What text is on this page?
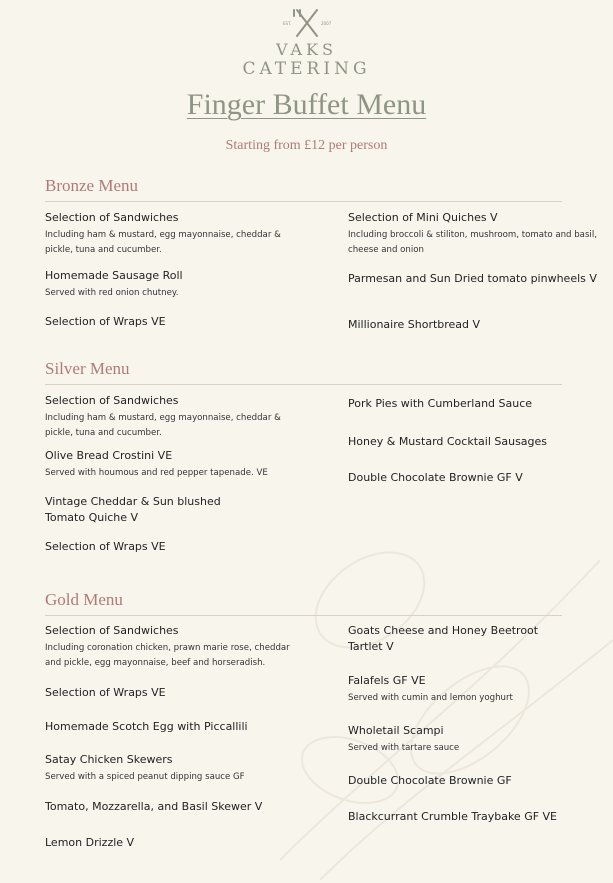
EST.	2007
VAKS
CATERING
Finger Buffet Menu
Starting from £12 per person
Bronze Menu
Selection of Sandwiches
Including ham & mustard, egg mayonnaise, cheddar & pickle, tuna and cucumber.
Homemade Sausage Roll
Served with red onion chutney.
Selection of Wraps VE
Selection of Mini Quiches V
Including broccoli & stiliton, mushroom, tomato and basil, cheese and onion
Parmesan and Sun Dried tomato pinwheels V
Millionaire Shortbread V
Silver Menu
Selection of Sandwiches
Including ham & mustard, egg mayonnaise, cheddar & pickle, tuna and cucumber.
Olive Bread Crostini VE
Served with houmous and red pepper tapenade. VE
Vintage Cheddar & Sun blushed Tomato Quiche V
Selection of Wraps VE
Pork Pies with Cumberland Sauce
Honey & Mustard Cocktail Sausages
Double Chocolate Brownie GF V
Gold Menu
Selection of Sandwiches
Including coronation chicken, prawn marie rose, cheddar and pickle, egg mayonnaise, beef and horseradish.
Selection of Wraps VE
Homemade Scotch Egg with Piccallili
Satay Chicken Skewers
Served with a spiced peanut dipping sauce GF
Tomato, Mozzarella, and Basil Skewer V
Lemon Drizzle V
Goats Cheese and Honey Beetroot Tartlet V
Falafels GF VE
Served with cumin and lemon yoghurt
Wholetail Scampi
Served with tartare sauce
Double Chocolate Brownie GF
Blackcurrant Crumble Traybake GF VE
